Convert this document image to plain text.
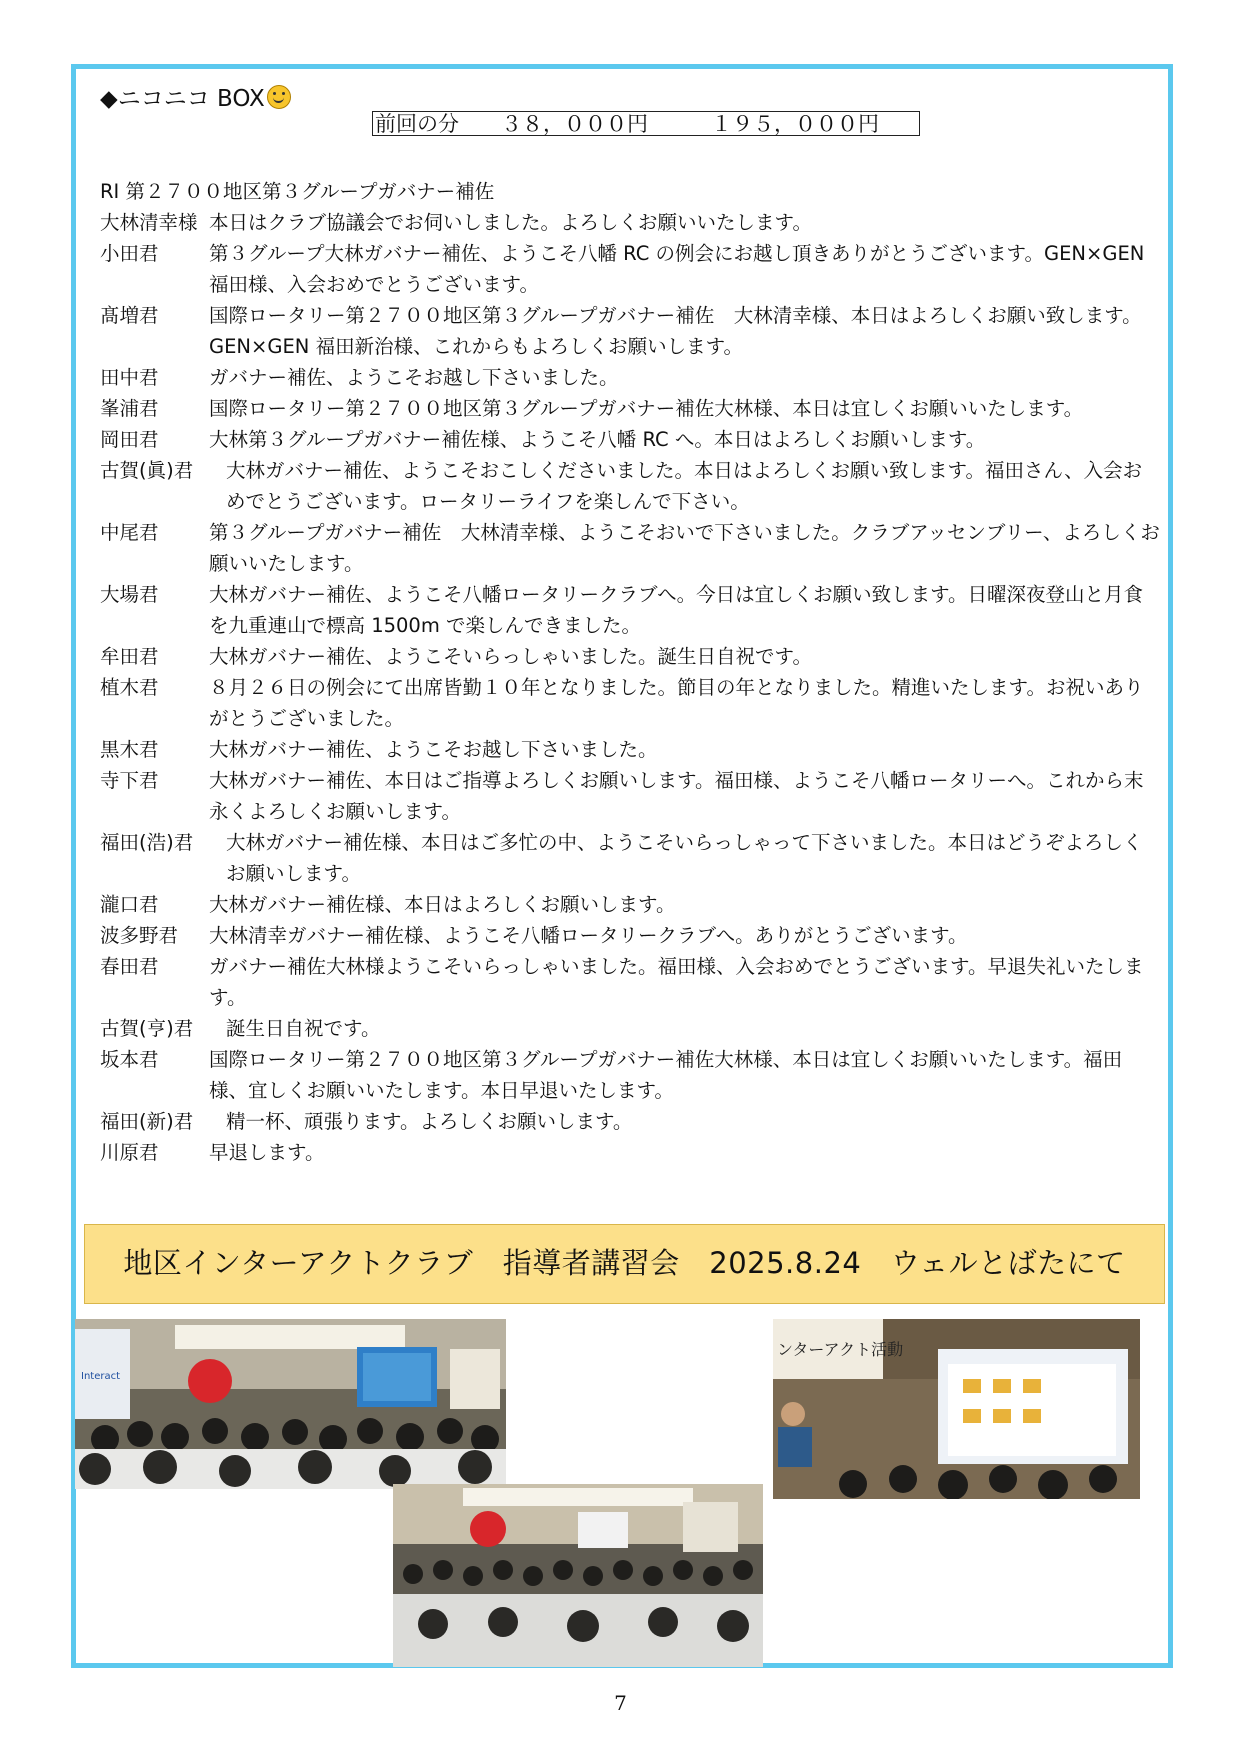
◆ニコニコ BOX
前回の分　　３８，０００円　　　１９５，０００円
RI 第２７００地区第３グループガバナー補佐
大林清幸様 本日はクラブ協議会でお伺いしました。よろしくお願いいたします。
小田君	第３グループ大林ガバナー補佐、ようこそ八幡 RC の例会にお越し頂きありがとうございます。GEN×GEN 福田様、入会おめでとうございます。
髙増君	国際ロータリー第２７００地区第３グループガバナー補佐　大林清幸様、本日はよろしくお願い致します。GEN×GEN 福田新治様、これからもよろしくお願いします。
田中君	ガバナー補佐、ようこそお越し下さいました。
峯浦君	国際ロータリー第２７００地区第３グループガバナー補佐大林様、本日は宜しくお願いいたします。
岡田君	大林第３グループガバナー補佐様、ようこそ八幡 RC へ。本日はよろしくお願いします。
古賀(眞)君	大林ガバナー補佐、ようこそおこしくださいました。本日はよろしくお願い致します。福田さん、入会おめでとうございます。ロータリーライフを楽しんで下さい。
中尾君	第３グループガバナー補佐　大林清幸様、ようこそおいで下さいました。クラブアッセンブリー、よろしくお願いいたします。
大場君	大林ガバナー補佐、ようこそ八幡ロータリークラブへ。今日は宜しくお願い致します。日曜深夜登山と月食を九重連山で標高 1500m で楽しんできました。
牟田君	大林ガバナー補佐、ようこそいらっしゃいました。誕生日自祝です。
植木君	８月２６日の例会にて出席皆勤１０年となりました。節目の年となりました。精進いたします。お祝いありがとうございました。
黒木君	大林ガバナー補佐、ようこそお越し下さいました。
寺下君	大林ガバナー補佐、本日はご指導よろしくお願いします。福田様、ようこそ八幡ロータリーへ。これから末永くよろしくお願いします。
福田(浩)君	大林ガバナー補佐様、本日はご多忙の中、ようこそいらっしゃって下さいました。本日はどうぞよろしくお願いします。
瀧口君	大林ガバナー補佐様、本日はよろしくお願いします。
波多野君	大林清幸ガバナー補佐様、ようこそ八幡ロータリークラブへ。ありがとうございます。
春田君	ガバナー補佐大林様ようこそいらっしゃいました。福田様、入会おめでとうございます。早退失礼いたします。
古賀(亨)君	誕生日自祝です。
坂本君	国際ロータリー第２７００地区第３グループガバナー補佐大林様、本日は宜しくお願いいたします。福田様、宜しくお願いいたします。本日早退いたします。
福田(新)君	精一杯、頑張ります。よろしくお願いします。
川原君	早退します。
地区インターアクトクラブ　指導者講習会　2025.8.24　ウェルとばたにて
Interact
ンターアクト活動
7
